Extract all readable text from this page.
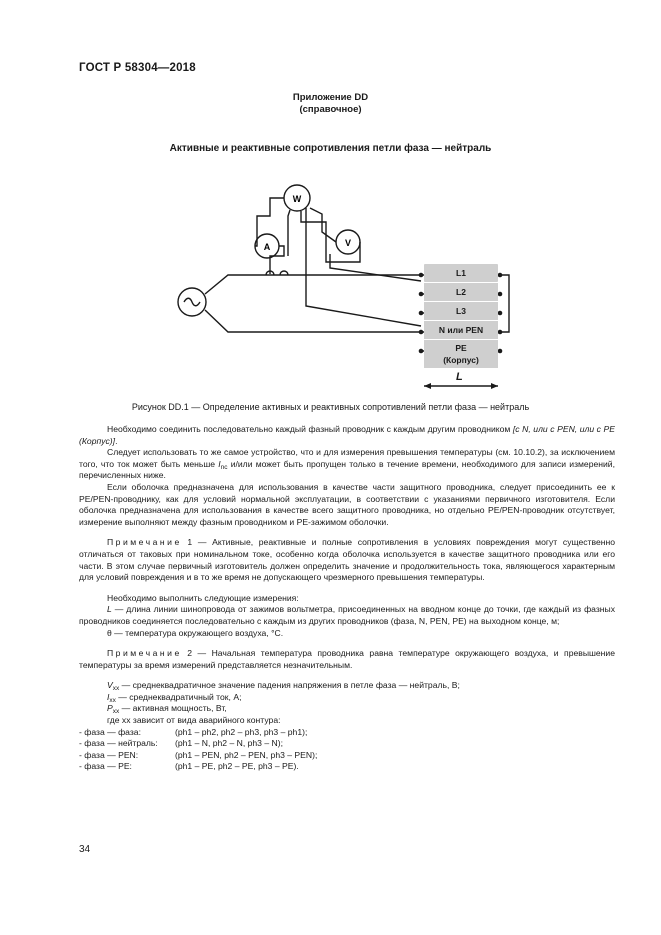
ГОСТ Р 58304—2018
Приложение DD
(справочное)
Активные и реактивные сопротивления петли фаза — нейтраль
W
A	V
L1
L2
L3
N или PEN
PE
(Корпус)
L
Рисунок DD.1 — Определение активных и реактивных сопротивлений петли фаза — нейтраль

Необходимо соединить последовательно каждый фазный проводник с каждым другим проводником [с N, или с PEN, или с PE (Корпус)].

Следует использовать то же самое устройство, что и для измерения превышения температуры (см. 10.10.2), за исключением того, что ток может быть меньше $I_{nc}$ и/или может быть пропущен только в течение времени, необходимого для записи измерений, перечисленных ниже.

Если оболочка предназначена для использования в качестве части защитного проводника, следует присоединить ее к PE/PEN-проводнику, как для условий нормальной эксплуатации, в соответствии с указаниями первичного изготовителя. Если оболочка предназначена для использования в качестве всего защитного проводника, но отдельно PE/PEN-проводник отсутствует, измерение выполняют между фазным проводником и PE-зажимом оболочки.

Примечание 1 — Активные, реактивные и полные сопротивления в условиях повреждения могут существенно отличаться от таковых при номинальном токе, особенно когда оболочка используется в качестве защитного проводника или его части. В этом случае первичный изготовитель должен определить значение и продолжительность тока, являющегося характерным для условий повреждения и в то же время не допускающего чрезмерного превышения температуры.

Необходимо выполнить следующие измерения:

L — длина линии шинопровода от зажимов вольтметра, присоединенных на вводном конце до точки, где каждый из фазных проводников соединяется последовательно с каждым из других проводников (фаза, N, PEN, PE) на выходном конце, м;

θ — температура окружающего воздуха, °С.

Примечание 2 — Начальная температура проводника равна температуре окружающего воздуха, и превышение температуры за время измерений представляется незначительным.

$V_{xx}$ — среднеквадратичное значение падения напряжения в петле фаза — нейтраль, В;

$I_{xx}$ — среднеквадратичный ток, А;

$P_{xx}$ — активная мощность, Вт,

где хх зависит от вида аварийного контура:

- фаза — фаза:	(ph1 – ph2, ph2 – ph3, ph3 – ph1);

- фаза — нейтраль: (ph1 – N, ph2 – N, ph3 – N);

- фаза — PEN:	(ph1 – PEN, ph2 – PEN, ph3 – PEN);

- фаза — PE:	(ph1 – PE, ph2 – PE, ph3 – PE).

34
